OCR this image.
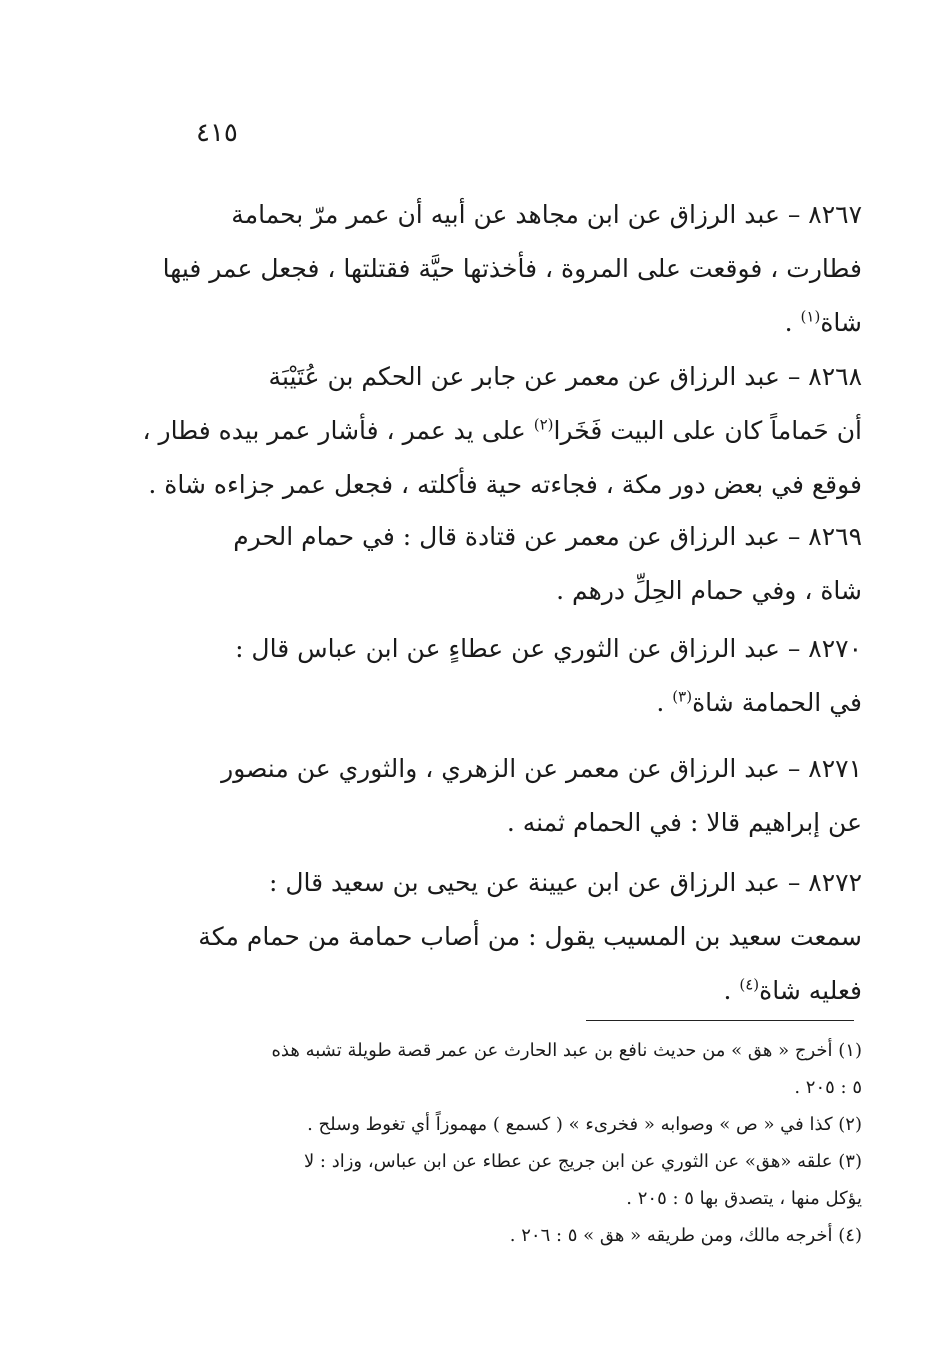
٤١٥
٨٢٦٧ – عبد الرزاق عن ابن مجاهد عن أبيه أن عمر مرّ بحمامة
فطارت ، فوقعت على المروة ، فأخذتها حيَّة فقتلتها ، فجعل عمر فيها
شاة$^{(١)}$ .
٨٢٦٨ – عبد الرزاق عن معمر عن جابر عن الحكم بن عُتَيْبَة
أن حَماماً كان على البيت فَخَرا$^{(٢)}$ على يد عمر ، فأشار عمر بيده فطار ،
فوقع في بعض دور مكة ، فجاءته حية فأكلته ، فجعل عمر جزاءه شاة .
٨٢٦٩ – عبد الرزاق عن معمر عن قتادة قال : في حمام الحرم
شاة ، وفي حمام الحِلِّ درهم .
٨٢٧٠ – عبد الرزاق عن الثوري عن عطاءٍ عن ابن عباس قال :
في الحمامة شاة$^{(٣)}$ .
٨٢٧١ – عبد الرزاق عن معمر عن الزهري ، والثوري عن منصور
عن إبراهيم قالا : في الحمام ثمنه .
٨٢٧٢ – عبد الرزاق عن ابن عيينة عن يحيى بن سعيد قال :
سمعت سعيد بن المسيب يقول : من أصاب حمامة من حمام مكة
فعليه شاة$^{(٤)}$ .
(١) أخرج « هق » من حديث نافع بن عبد الحارث عن عمر قصة طويلة تشبه هذه
٥ : ٢٠٥ .
(٢) كذا في « ص » وصوابه « فخرىء » ( كسمع ) مهموزاً أي تغوط وسلح .
(٣) علقه «هق» عن الثوري عن ابن جريج عن عطاء عن ابن عباس، وزاد : لا
يؤكل منها ، يتصدق بها ٥ : ٢٠٥ .
(٤) أخرجه مالك، ومن طريقه « هق » ٥ : ٢٠٦ .
